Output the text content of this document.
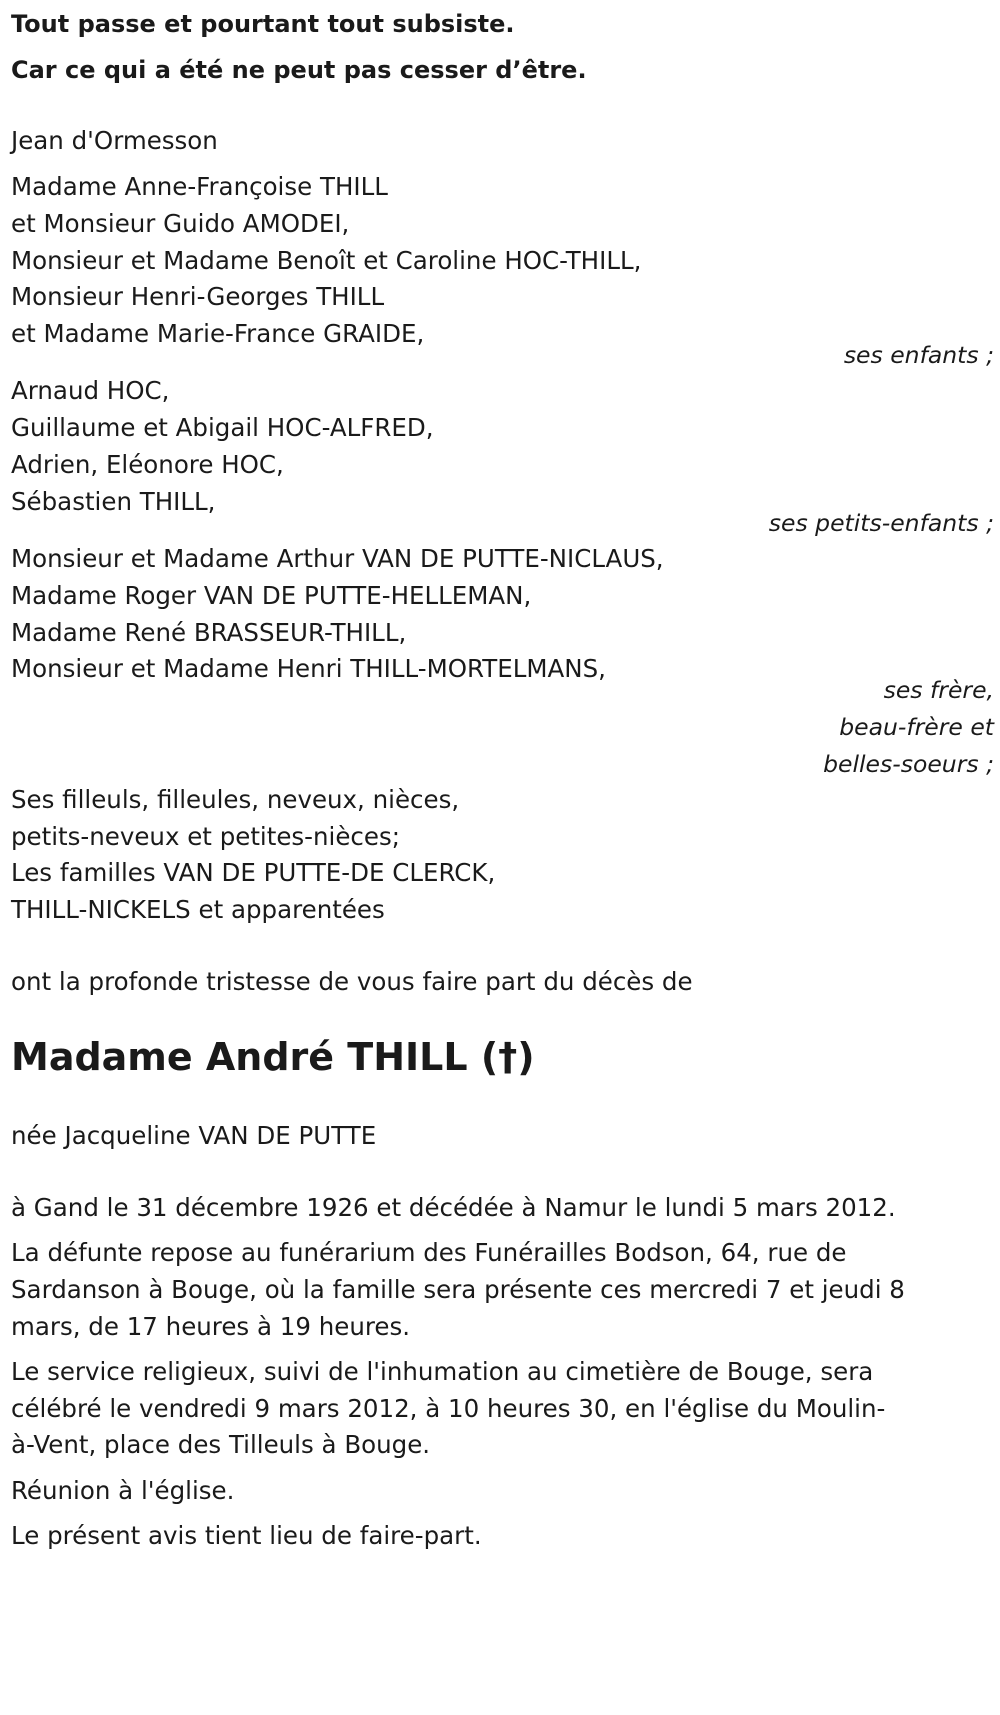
Tout passe et pourtant tout subsiste.
Car ce qui a été ne peut pas cesser d’être.
Jean d'Ormesson
Madame Anne-Françoise THILL
et Monsieur Guido AMODEI,
Monsieur et Madame Benoît et Caroline HOC-THILL,
Monsieur Henri-Georges THILL
et Madame Marie-France GRAIDE,
ses enfants ;
Arnaud HOC,
Guillaume et Abigail HOC-ALFRED,
Adrien, Eléonore HOC,
Sébastien THILL,
ses petits-enfants ;
Monsieur et Madame Arthur VAN DE PUTTE-NICLAUS,
Madame Roger VAN DE PUTTE-HELLEMAN,
Madame René BRASSEUR-THILL,
Monsieur et Madame Henri THILL-MORTELMANS,
ses frère,
beau-frère et
belles-soeurs ;
Ses filleuls, filleules, neveux, nièces,
petits-neveux et petites-nièces;
Les familles VAN DE PUTTE-DE CLERCK,
THILL-NICKELS et apparentées
ont la profonde tristesse de vous faire part du décès de
Madame André THILL (†)
née Jacqueline VAN DE PUTTE
à Gand le 31 décembre 1926 et décédée à Namur le lundi 5 mars 2012.
La défunte repose au funérarium des Funérailles Bodson, 64, rue de
Sardanson à Bouge, où la famille sera présente ces mercredi 7 et jeudi 8
mars, de 17 heures à 19 heures.
Le service religieux, suivi de l'inhumation au cimetière de Bouge, sera
célébré le vendredi 9 mars 2012, à 10 heures 30, en l'église du Moulin-
à-Vent, place des Tilleuls à Bouge.
Réunion à l'église.
Le présent avis tient lieu de faire-part.
